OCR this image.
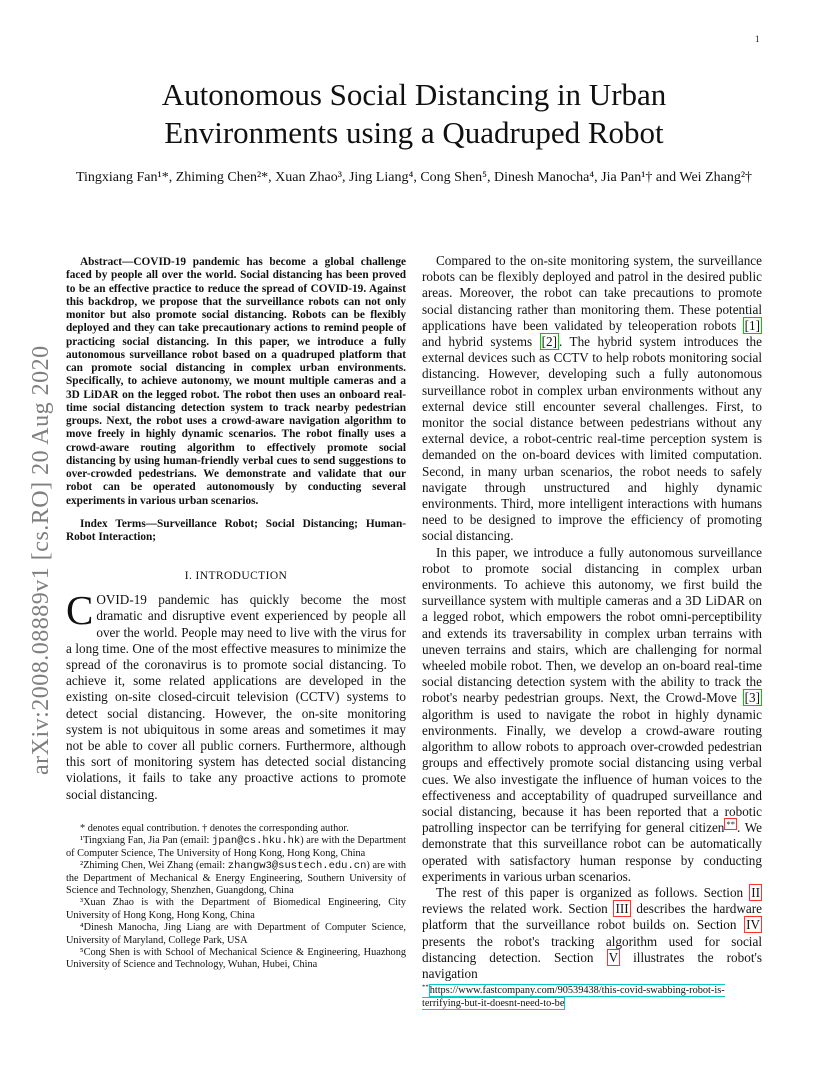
1
arXiv:2008.08889v1 [cs.RO] 20 Aug 2020
Autonomous Social Distancing in Urban
Environments using a Quadruped Robot
Tingxiang Fan¹*, Zhiming Chen²*, Xuan Zhao³, Jing Liang⁴, Cong Shen⁵, Dinesh Manocha⁴, Jia Pan¹† and Wei Zhang²†

Abstract—COVID-19 pandemic has become a global challenge faced by people all over the world. Social distancing has been proved to be an effective practice to reduce the spread of COVID-19. Against this backdrop, we propose that the surveillance robots can not only monitor but also promote social distancing. Robots can be flexibly deployed and they can take precautionary actions to remind people of practicing social distancing. In this paper, we introduce a fully autonomous surveillance robot based on a quadruped platform that can promote social distancing in complex urban environments. Specifically, to achieve autonomy, we mount multiple cameras and a 3D LiDAR on the legged robot. The robot then uses an onboard real-time social distancing detection system to track nearby pedestrian groups. Next, the robot uses a crowd-aware navigation algorithm to move freely in highly dynamic scenarios. The robot finally uses a crowd-aware routing algorithm to effectively promote social distancing by using human-friendly verbal cues to send suggestions to over-crowded pedestrians. We demonstrate and validate that our robot can be operated autonomously by conducting several experiments in various urban scenarios.

Index Terms—Surveillance Robot; Social Distancing; Human-Robot Interaction;

I. INTRODUCTION

COVID-19 pandemic has quickly become the most dramatic and disruptive event experienced by people all over the world. People may need to live with the virus for a long time. One of the most effective measures to minimize the spread of the coronavirus is to promote social distancing. To achieve it, some related applications are developed in the existing on-site closed-circuit television (CCTV) systems to detect social distancing. However, the on-site monitoring system is not ubiquitous in some areas and sometimes it may not be able to cover all public corners. Furthermore, although this sort of monitoring system has detected social distancing violations, it fails to take any proactive actions to promote social distancing.

* denotes equal contribution. † denotes the corresponding author.

¹Tingxiang Fan, Jia Pan (email: jpan@cs.hku.hk) are with the Department of Computer Science, The University of Hong Kong, Hong Kong, China

²Zhiming Chen, Wei Zhang (email: zhangw3@sustech.edu.cn) are with the Department of Mechanical & Energy Engineering, Southern University of Science and Technology, Shenzhen, Guangdong, China

³Xuan Zhao is with the Department of Biomedical Engineering, City University of Hong Kong, Hong Kong, China

⁴Dinesh Manocha, Jing Liang are with Department of Computer Science, University of Maryland, College Park, USA

⁵Cong Shen is with School of Mechanical Science & Engineering, Huazhong University of Science and Technology, Wuhan, Hubei, China

Compared to the on-site monitoring system, the surveillance robots can be flexibly deployed and patrol in the desired public areas. Moreover, the robot can take precautions to promote social distancing rather than monitoring them. These potential applications have been validated by teleoperation robots [1] and hybrid systems [2] . The hybrid system introduces the external devices such as CCTV to help robots monitoring social distancing. However, developing such a fully autonomous surveillance robot in complex urban environments without any external device still encounter several challenges. First, to monitor the social distance between pedestrians without any external device, a robot-centric real-time perception system is demanded on the on-board devices with limited computation. Second, in many urban scenarios, the robot needs to safely navigate through unstructured and highly dynamic environments. Third, more intelligent interactions with humans need to be designed to improve the efficiency of promoting social distancing.

In this paper, we introduce a fully autonomous surveillance robot to promote social distancing in complex urban environments. To achieve this autonomy, we first build the surveillance system with multiple cameras and a 3D LiDAR on a legged robot, which empowers the robot omni-perceptibility and extends its traversability in complex urban terrains with uneven terrains and stairs, which are challenging for normal wheeled mobile robot. Then, we develop an on-board real-time social distancing detection system with the ability to track the robot's nearby pedestrian groups. Next, the Crowd-Move [3] algorithm is used to navigate the robot in highly dynamic environments. Finally, we develop a crowd-aware routing algorithm to allow robots to approach over-crowded pedestrian groups and effectively promote social distancing using verbal cues. We also investigate the influence of human voices to the effectiveness and acceptability of quadruped surveillance and social distancing, because it has been reported that a robotic patrolling inspector can be terrifying for general citizen ** . We demonstrate that this surveillance robot can be automatically operated with satisfactory human response by conducting experiments in various urban scenarios.

The rest of this paper is organized as follows. Section II reviews the related work. Section III describes the hardware platform that the surveillance robot builds on. Section IV presents the robot's tracking algorithm used for social distancing detection. Section V illustrates the robot's navigation

**https://www.fastcompany.com/90539438/this-covid-swabbing-robot-is-terrifying-but-it-doesnt-need-to-be
